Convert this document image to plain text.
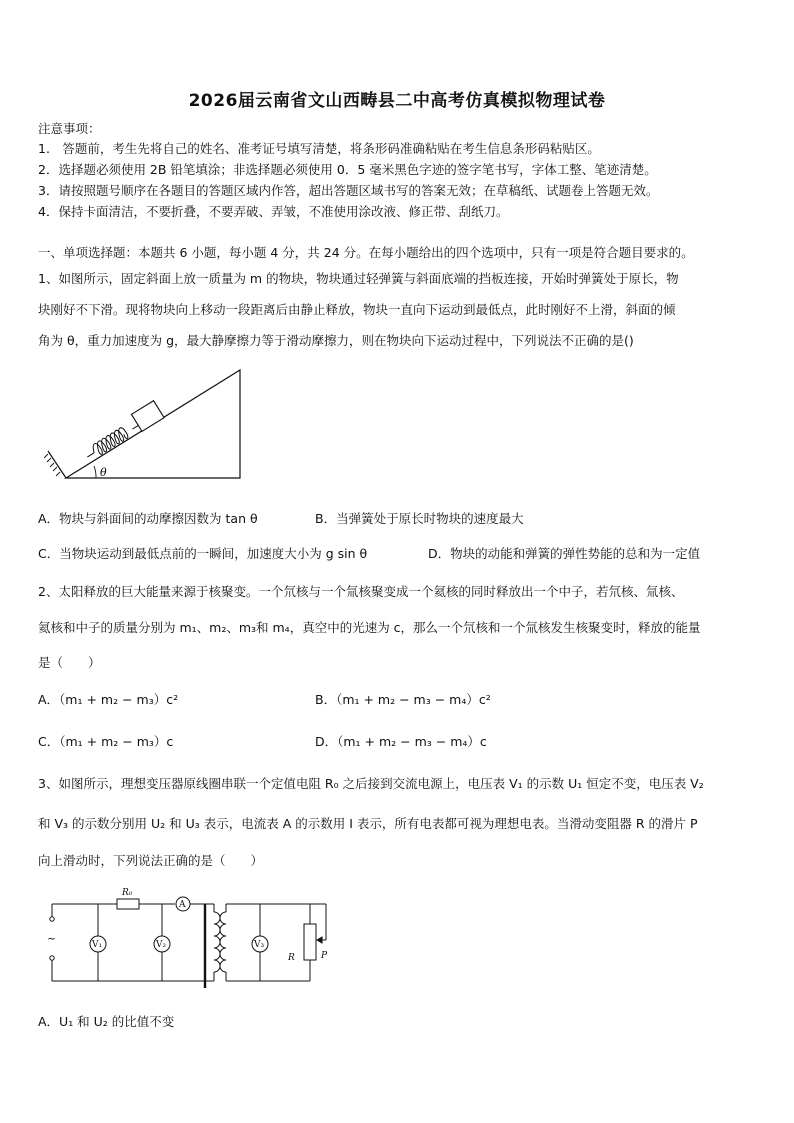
2026届云南省文山西畴县二中高考仿真模拟物理试卷
注意事项：
1.　答题前，考生先将自己的姓名、准考证号填写清楚，将条形码准确粘贴在考生信息条形码粘贴区。
2．选择题必须使用 2B 铅笔填涂；非选择题必须使用 0．5 毫米黑色字迹的签字笔书写，字体工整、笔迹清楚。
3．请按照题号顺序在各题目的答题区域内作答，超出答题区域书写的答案无效；在草稿纸、试题卷上答题无效。
4．保持卡面清洁，不要折叠，不要弄破、弄皱，不准使用涂改液、修正带、刮纸刀。
一、单项选择题：本题共 6 小题，每小题 4 分，共 24 分。在每小题给出的四个选项中，只有一项是符合题目要求的。
1、如图所示，固定斜面上放一质量为 m 的物块，物块通过轻弹簧与斜面底端的挡板连接，开始时弹簧处于原长，物
块刚好不下滑。现将物块向上移动一段距离后由静止释放，物块一直向下运动到最低点，此时刚好不上滑，斜面的倾
角为 θ，重力加速度为 g，最大静摩擦力等于滑动摩擦力，则在物块向下运动过程中，下列说法不正确的是()
θ
A．物块与斜面间的动摩擦因数为 tan θ	B．当弹簧处于原长时物块的速度最大
C．当物块运动到最低点前的一瞬间，加速度大小为 g sin θ	D．物块的动能和弹簧的弹性势能的总和为一定值
2、太阳释放的巨大能量来源于核聚变。一个氘核与一个氚核聚变成一个氦核的同时释放出一个中子，若氘核、氚核、
氦核和中子的质量分别为 m₁、m₂、m₃和 m₄，真空中的光速为 c，那么一个氘核和一个氚核发生核聚变时，释放的能量
是（　　）
A．（m₁ + m₂ − m₃）c²	B．（m₁ + m₂ − m₃ − m₄）c²
C．（m₁ + m₂ − m₃）c	D．（m₁ + m₂ − m₃ − m₄）c
3、如图所示，理想变压器原线圈串联一个定值电阻 R₀ 之后接到交流电源上，电压表 V₁ 的示数 U₁ 恒定不变，电压表 V₂
和 V₃ 的示数分别用 U₂ 和 U₃ 表示，电流表 A 的示数用 I 表示，所有电表都可视为理想电表。当滑动变阻器 R 的滑片 P
向上滑动时，下列说法正确的是（　　）
R₀
A
V₁	V₂	V₃
R	P
~
A．U₁ 和 U₂ 的比值不变
